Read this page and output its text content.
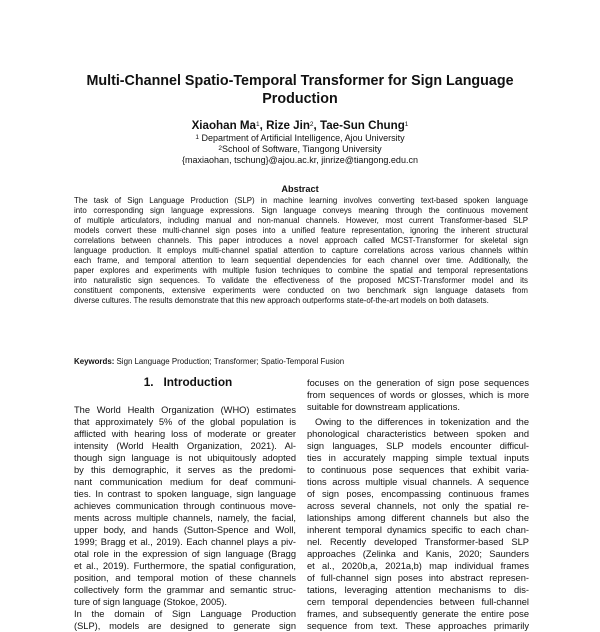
Multi-Channel Spatio-Temporal Transformer for Sign Language
Production
Xiaohan Ma$^1$, Rize Jin$^2$, Tae-Sun Chung$^1$
$^1$ Department of Artificial Intelligence, Ajou University
$^2$School of Software, Tiangong University
{maxiaohan, tschung}@ajou.ac.kr, jinrize@tiangong.edu.cn
Abstract
The task of Sign Language Production (SLP) in machine learning involves converting text-based spoken language
into corresponding sign language expressions. Sign language conveys meaning through the continuous movement
of multiple articulators, including manual and non-manual channels. However, most current Transformer-based SLP
models convert these multi-channel sign poses into a unified feature representation, ignoring the inherent structural
correlations between channels. This paper introduces a novel approach called MCST-Transformer for skeletal sign
language production. It employs multi-channel spatial attention to capture correlations across various channels within
each frame, and temporal attention to learn sequential dependencies for each channel over time. Additionally, the
paper explores and experiments with multiple fusion techniques to combine the spatial and temporal representations
into naturalistic sign sequences. To validate the effectiveness of the proposed MCST-Transformer model and its
constituent components, extensive experiments were conducted on two benchmark sign language datasets from
diverse cultures. The results demonstrate that this new approach outperforms state-of-the-art models on both datasets.
Keywords: Sign Language Production; Transformer; Spatio-Temporal Fusion
1. Introduction
The World Health Organization (WHO) estimates
that approximately 5% of the global population is
afflicted with hearing loss of moderate or greater
intensity (World Health Organization, 2021). Al-
though sign language is not ubiquitously adopted
by this demographic, it serves as the predomi-
nant communication medium for deaf communi-
ties. In contrast to spoken language, sign language
achieves communication through continuous move-
ments across multiple channels, namely, the facial,
upper body, and hands (Sutton-Spence and Woll,
1999; Bragg et al., 2019). Each channel plays a piv-
otal role in the expression of sign language (Bragg
et al., 2019). Furthermore, the spatial configuration,
position, and temporal motion of these channels
collectively form the grammar and semantic struc-
ture of sign language (Stokoe, 2005).
In the domain of Sign Language Production
(SLP), models are designed to generate sign
focuses on the generation of sign pose sequences
from sequences of words or glosses, which is more
suitable for downstream applications.
Owing to the differences in tokenization and the
phonological characteristics between spoken and
sign languages, SLP models encounter difficul-
ties in accurately mapping simple textual inputs
to continuous pose sequences that exhibit varia-
tions across multiple visual channels. A sequence
of sign poses, encompassing continuous frames
across several channels, not only the spatial re-
lationships among different channels but also the
inherent temporal dynamics specific to each chan-
nel. Recently developed Transformer-based SLP
approaches (Zelinka and Kanis, 2020; Saunders
et al., 2020b,a, 2021a,b) map individual frames
of full-channel sign poses into abstract represen-
tations, leveraging attention mechanisms to dis-
cern temporal dependencies between full-channel
frames, and subsequently generate the entire pose
sequence from text. These approaches primarily
